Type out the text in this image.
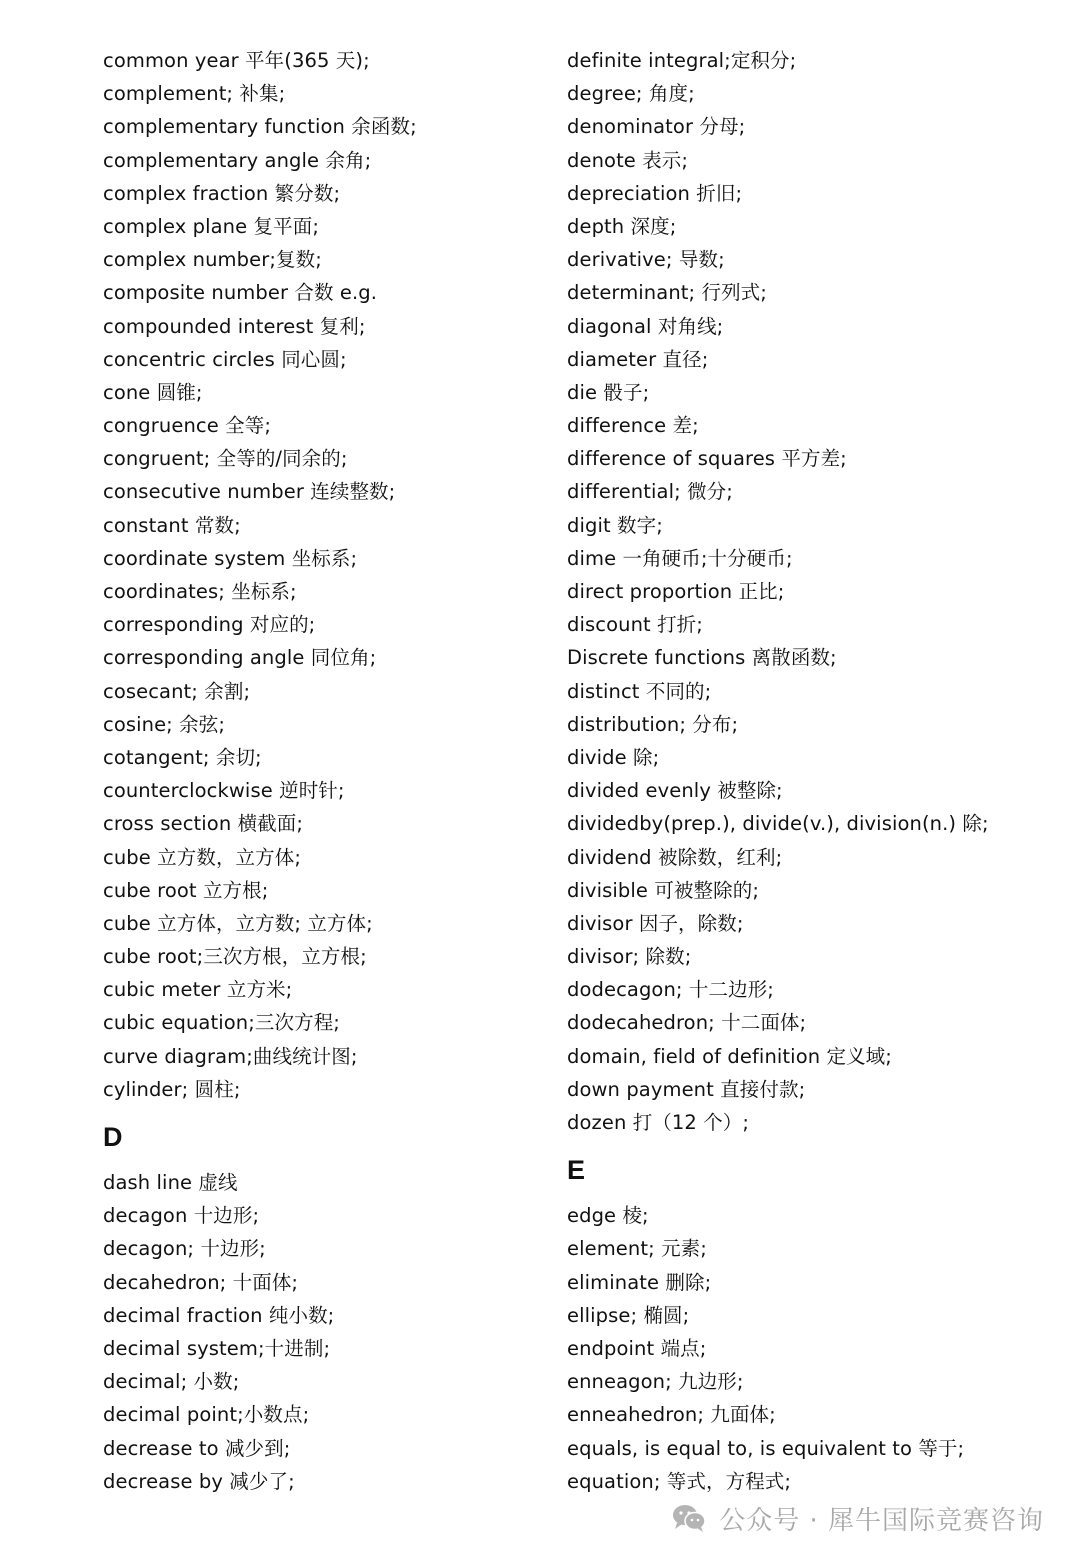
common year 平年(365 天);
complement; 补集;
complementary function 余函数;
complementary angle 余角;
complex fraction 繁分数;
complex plane 复平面;
complex number;复数;
composite number 合数 e.g.
compounded interest 复利;
concentric circles 同心圆;
cone 圆锥;
congruence 全等;
congruent; 全等的/同余的;
consecutive number 连续整数;
constant 常数;
coordinate system 坐标系;
coordinates; 坐标系;
corresponding 对应的;
corresponding angle 同位角;
cosecant; 余割;
cosine; 余弦;
cotangent; 余切;
counterclockwise 逆时针;
cross section 横截面;
cube 立方数，立方体;
cube root 立方根;
cube 立方体，立方数; 立方体;
cube root;三次方根，立方根;
cubic meter 立方米;
cubic equation;三次方程;
curve diagram;曲线统计图;
cylinder; 圆柱;
D
dash line 虚线
decagon 十边形;
decagon; 十边形;
decahedron; 十面体;
decimal fraction 纯小数;
decimal system;十进制;
decimal; 小数;
decimal point;小数点;
decrease to 减少到;
decrease by 减少了;
definite integral;定积分;
degree; 角度;
denominator 分母;
denote 表示;
depreciation 折旧;
depth 深度;
derivative; 导数;
determinant; 行列式;
diagonal 对角线;
diameter 直径;
die 骰子;
difference 差;
difference of squares 平方差;
differential; 微分;
digit 数字;
dime 一角硬币;十分硬币;
direct proportion 正比;
discount 打折;
Discrete functions 离散函数;
distinct 不同的;
distribution; 分布;
divide 除;
divided evenly 被整除;
dividedby(prep.), divide(v.), division(n.) 除;
dividend 被除数，红利;
divisible 可被整除的;
divisor 因子，除数;
divisor; 除数;
dodecagon; 十二边形;
dodecahedron; 十二面体;
domain, field of definition 定义域;
down payment 直接付款;
dozen 打（12 个）;
E
edge 棱;
element; 元素;
eliminate 删除;
ellipse; 椭圆;
endpoint 端点;
enneagon; 九边形;
enneahedron; 九面体;
equals, is equal to, is equivalent to 等于;
equation; 等式，方程式;
公众号 · 犀牛国际竞赛咨询
